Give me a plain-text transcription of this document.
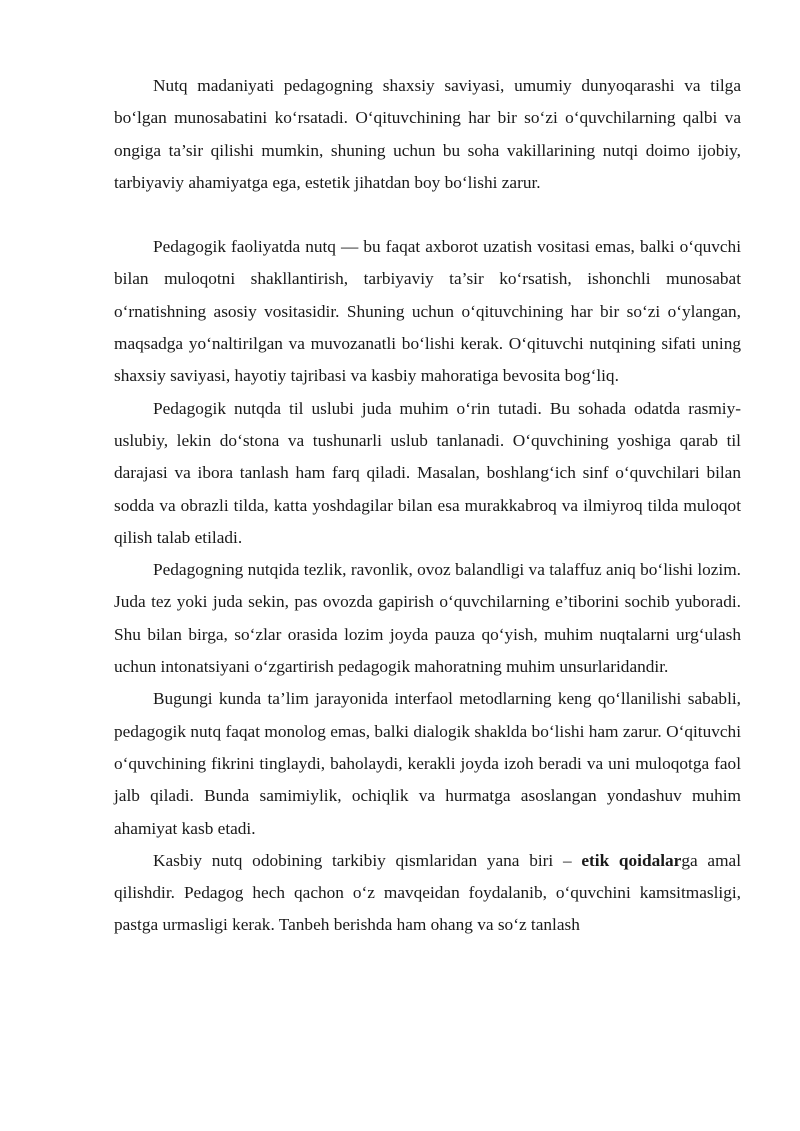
Nutq madaniyati pedagogning shaxsiy saviyasi, umumiy dunyoqarashi va tilga bo‘lgan munosabatini ko‘rsatadi. O‘qituvchining har bir so‘zi o‘quvchilarning qalbi va ongiga ta’sir qilishi mumkin, shuning uchun bu soha vakillarining nutqi doimo ijobiy, tarbiyaviy ahamiyatga ega, estetik jihatdan boy bo‘lishi zarur.

Pedagogik faoliyatda nutq — bu faqat axborot uzatish vositasi emas, balki o‘quvchi bilan muloqotni shakllantirish, tarbiyaviy ta’sir ko‘rsatish, ishonchli munosabat o‘rnatishning asosiy vositasidir. Shuning uchun o‘qituvchining har bir so‘zi o‘ylangan, maqsadga yo‘naltirilgan va muvozanatli bo‘lishi kerak. O‘qituvchi nutqining sifati uning shaxsiy saviyasi, hayotiy tajribasi va kasbiy mahoratiga bevosita bog‘liq.

Pedagogik nutqda til uslubi juda muhim o‘rin tutadi. Bu sohada odatda rasmiy-uslubiy, lekin do‘stona va tushunarli uslub tanlanadi. O‘quvchining yoshiga qarab til darajasi va ibora tanlash ham farq qiladi. Masalan, boshlang‘ich sinf o‘quvchilari bilan sodda va obrazli tilda, katta yoshdagilar bilan esa murakkabroq va ilmiyroq tilda muloqot qilish talab etiladi.

Pedagogning nutqida tezlik, ravonlik, ovoz balandligi va talaffuz aniq bo‘lishi lozim. Juda tez yoki juda sekin, pas ovozda gapirish o‘quvchilarning e’tiborini sochib yuboradi. Shu bilan birga, so‘zlar orasida lozim joyda pauza qo‘yish, muhim nuqtalarni urg‘ulash uchun intonatsiyani o‘zgartirish pedagogik mahoratning muhim unsurlaridandir.

Bugungi kunda ta’lim jarayonida interfaol metodlarning keng qo‘llanilishi sababli, pedagogik nutq faqat monolog emas, balki dialogik shaklda bo‘lishi ham zarur. O‘qituvchi o‘quvchining fikrini tinglaydi, baholaydi, kerakli joyda izoh beradi va uni muloqotga faol jalb qiladi. Bunda samimiylik, ochiqlik va hurmatga asoslangan yondashuv muhim ahamiyat kasb etadi.

Kasbiy nutq odobining tarkibiy qismlaridan yana biri – etik qoidalarga amal qilishdir. Pedagog hech qachon o‘z mavqeidan foydalanib, o‘quvchini kamsitmasligi, pastga urmasligi kerak. Tanbeh berishda ham ohang va so‘z tanlash
